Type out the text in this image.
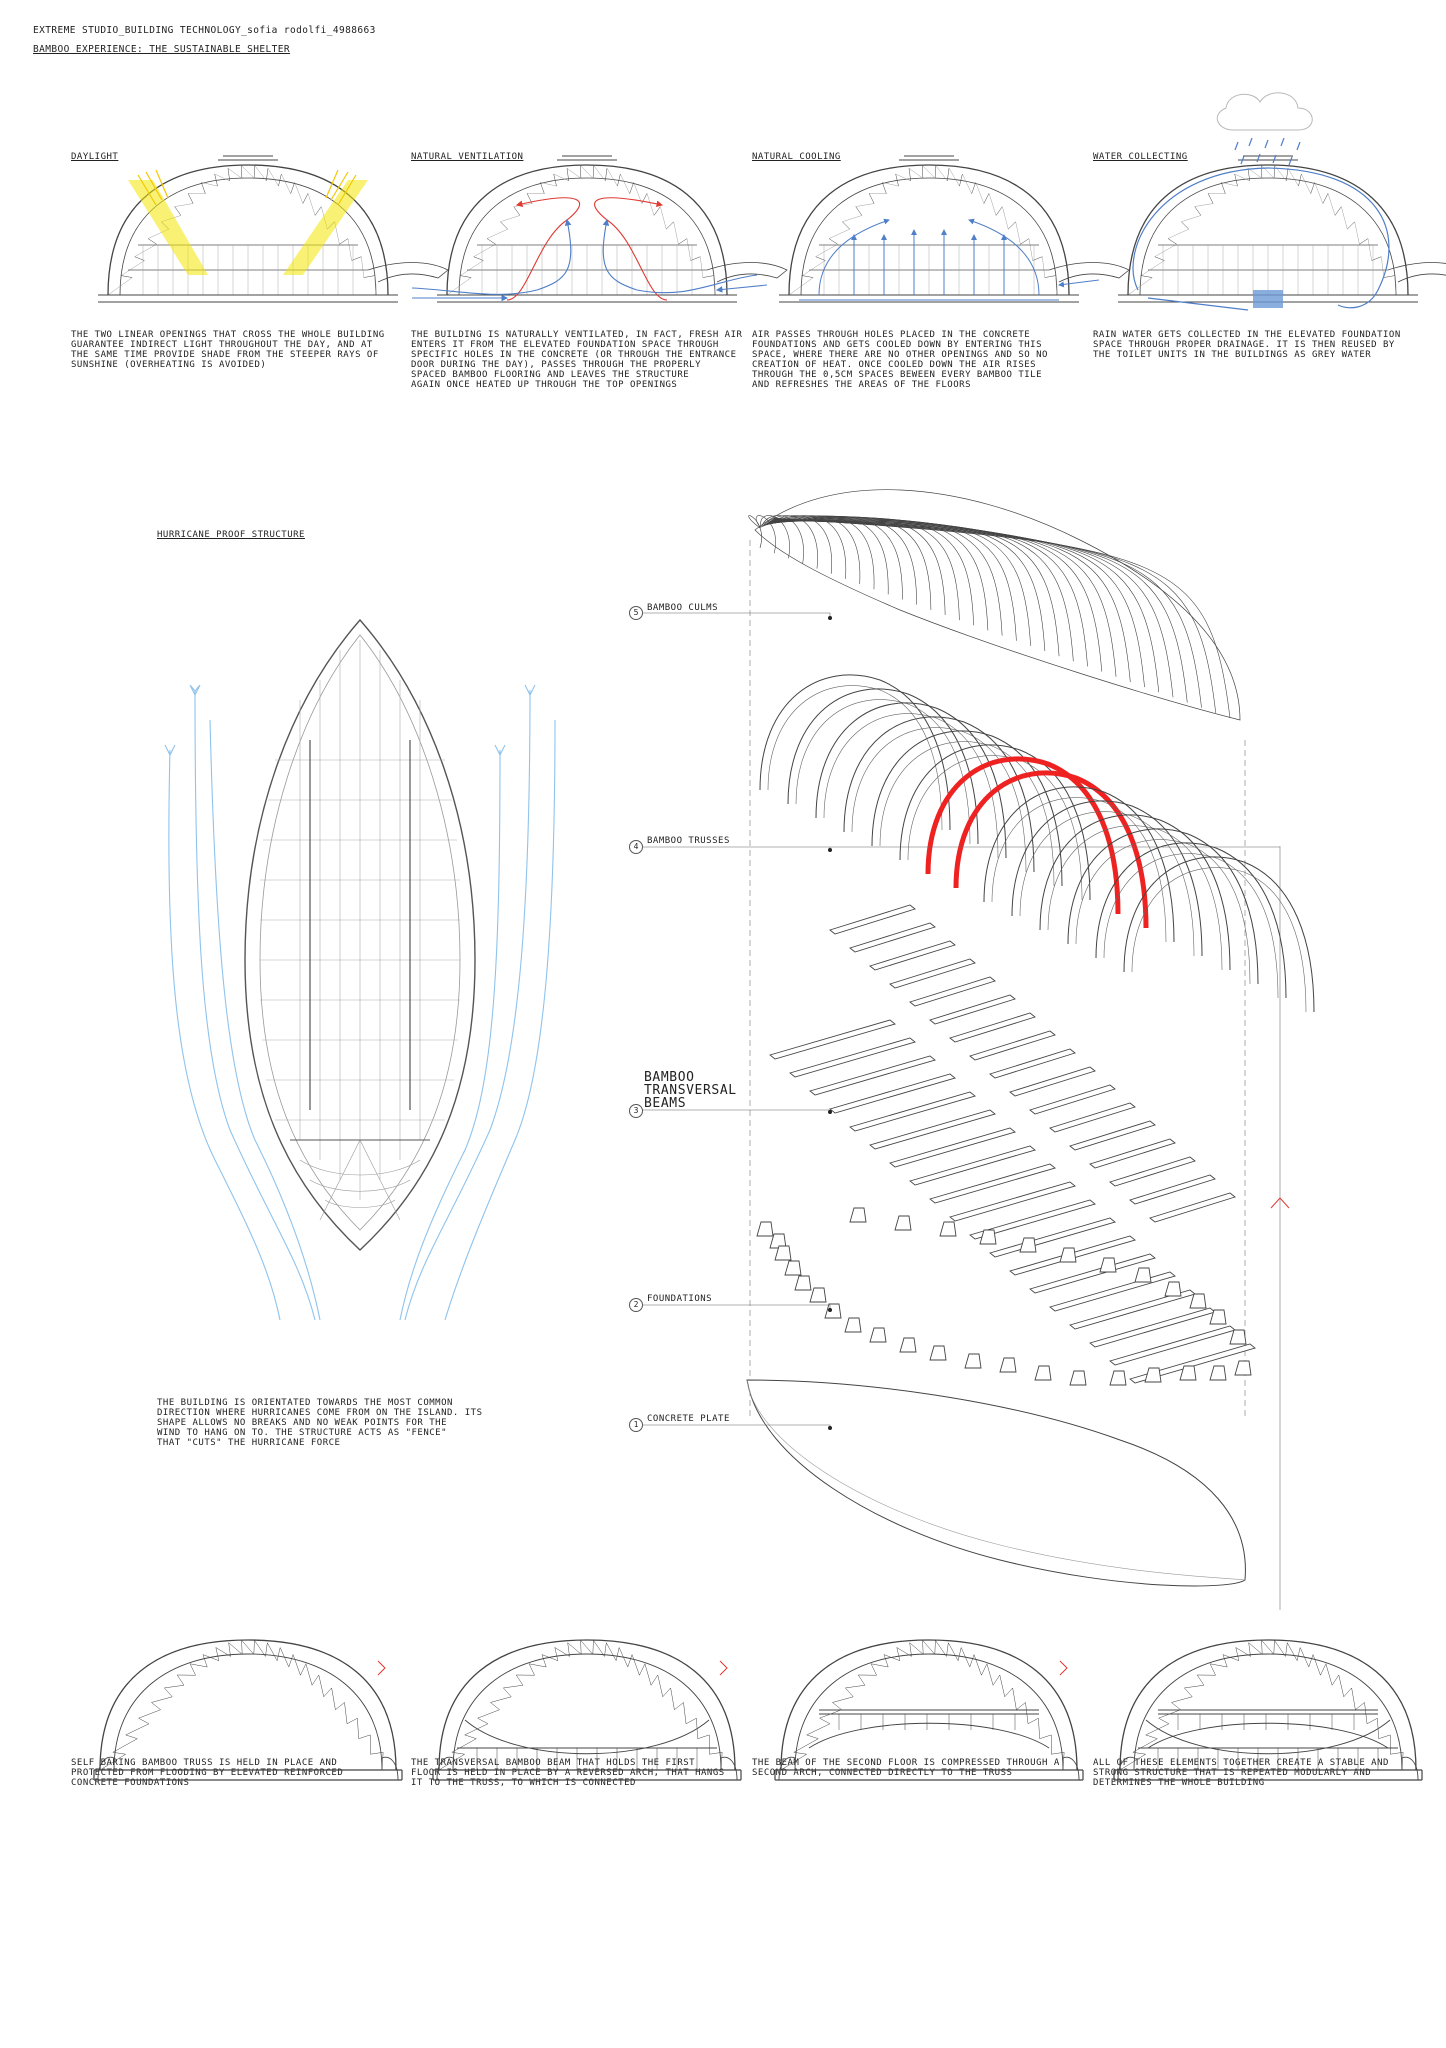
EXTREME STUDIO_BUILDING TECHNOLOGY_sofia rodolfi_4988663
BAMBOO EXPERIENCE: THE SUSTAINABLE SHELTER
DAYLIGHT	NATURAL VENTILATION	NATURAL COOLING	WATER COLLECTING
THE TWO LINEAR OPENINGS THAT CROSS THE WHOLE BUILDING
GUARANTEE INDIRECT LIGHT THROUGHOUT THE DAY, AND AT
THE SAME TIME PROVIDE SHADE FROM THE STEEPER RAYS OF
SUNSHINE (OVERHEATING IS AVOIDED)
THE BUILDING IS NATURALLY VENTILATED, IN FACT, FRESH AIR
ENTERS IT FROM THE ELEVATED FOUNDATION SPACE THROUGH
SPECIFIC HOLES IN THE CONCRETE (OR THROUGH THE ENTRANCE
DOOR DURING THE DAY), PASSES THROUGH THE PROPERLY
SPACED BAMBOO FLOORING AND LEAVES THE STRUCTURE
AGAIN ONCE HEATED UP THROUGH THE TOP OPENINGS
AIR PASSES THROUGH HOLES PLACED IN THE CONCRETE
FOUNDATIONS AND GETS COOLED DOWN BY ENTERING THIS
SPACE, WHERE THERE ARE NO OTHER OPENINGS AND SO NO
CREATION OF HEAT. ONCE COOLED DOWN THE AIR RISES
THROUGH THE 0,5CM SPACES BEWEEN EVERY BAMBOO TILE
AND REFRESHES THE AREAS OF THE FLOORS
RAIN WATER GETS COLLECTED IN THE ELEVATED FOUNDATION
SPACE THROUGH PROPER DRAINAGE. IT IS THEN REUSED BY
THE TOILET UNITS IN THE BUILDINGS AS GREY WATER
HURRICANE PROOF STRUCTURE
THE BUILDING IS ORIENTATED TOWARDS THE MOST COMMON
DIRECTION WHERE HURRICANES COME FROM ON THE ISLAND. ITS
SHAPE ALLOWS NO BREAKS AND NO WEAK POINTS FOR THE
WIND TO HANG ON TO. THE STRUCTURE ACTS AS "FENCE"
THAT "CUTS" THE HURRICANE FORCE
SELF BARING BAMBOO TRUSS IS HELD IN PLACE AND
PROTECTED FROM FLOODING BY ELEVATED REINFORCED
CONCRETE FOUNDATIONS
THE TRANSVERSAL BAMBOO BEAM THAT HOLDS THE FIRST
FLOOR IS HELD IN PLACE BY A REVERSED ARCH, THAT HANGS
IT TO THE TRUSS, TO WHICH IS CONNECTED
THE BEAM OF THE SECOND FLOOR IS COMPRESSED THROUGH A
SECOND ARCH, CONNECTED DIRECTLY TO THE TRUSS
ALL OF THESE ELEMENTS TOGETHER CREATE A STABLE AND
STRONG STRUCTURE THAT IS REPEATED MODULARLY AND
DETERMINES THE WHOLE BUILDING
5 BAMBOO CULMS
4
BAMBOO TRUSSES
3
BAMBOO
TRANSVERSAL
BEAMS
2
FOUNDATIONS
1
CONCRETE PLATE
